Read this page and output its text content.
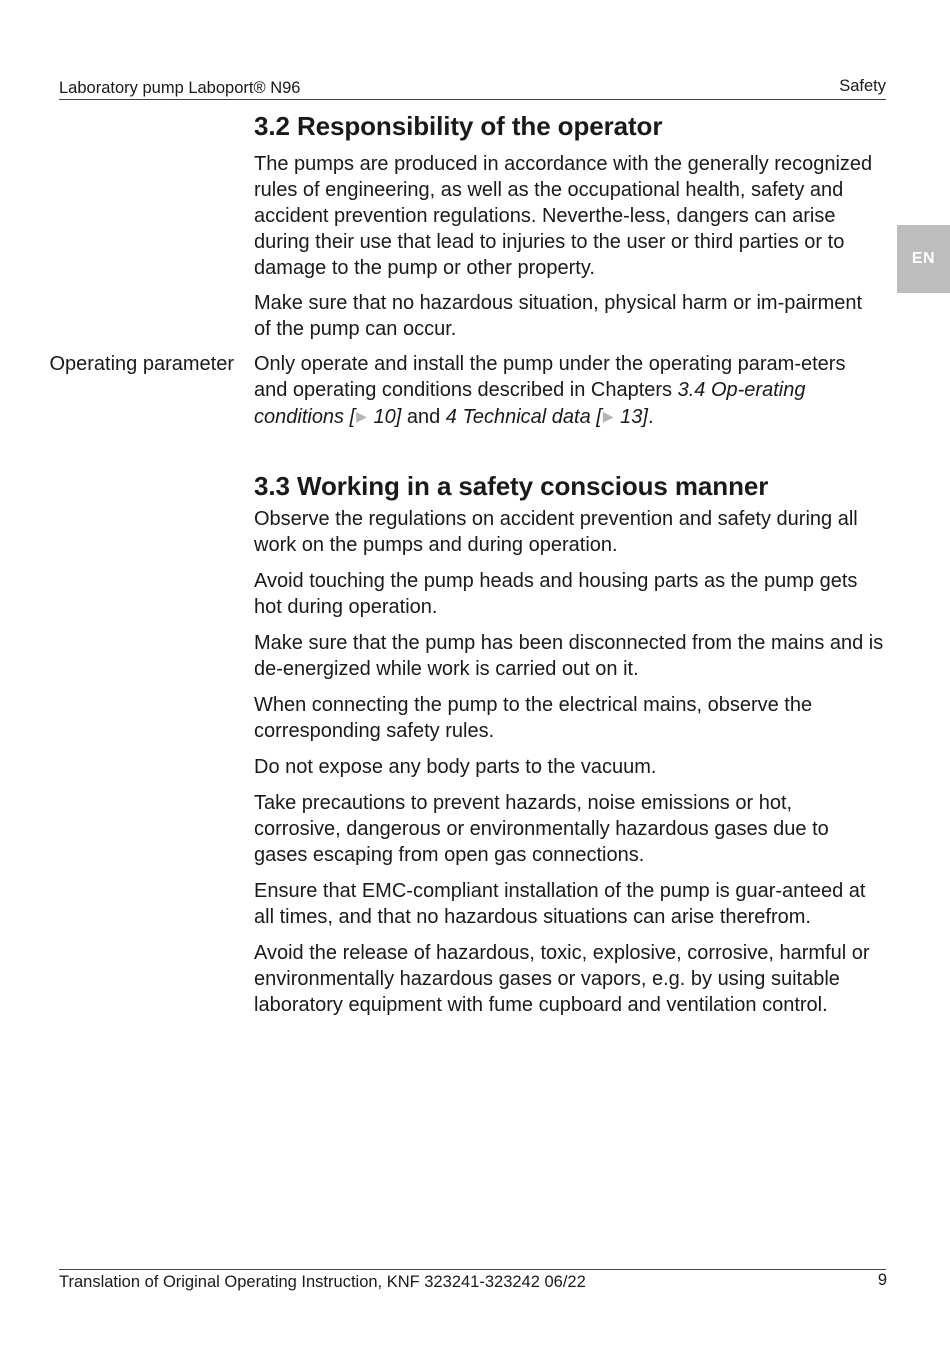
Laboratory pump Laboport® N96	Safety
EN
3.2 Responsibility of the operator

The pumps are produced in accordance with the generally recognized rules of engineering, as well as the occupational health, safety and accident prevention regulations. Neverthe-less, dangers can arise during their use that lead to injuries to the user or third parties or to damage to the pump or other property.

Make sure that no hazardous situation, physical harm or im-pairment of the pump can occur.

Operating parameter Only operate and install the pump under the operating param-eters and operating conditions described in Chapters 3.4 Op-erating conditions [▶ 10] and 4 Technical data [▶ 13].

3.3 Working in a safety conscious manner

Observe the regulations on accident prevention and safety during all work on the pumps and during operation.

Avoid touching the pump heads and housing parts as the pump gets hot during operation.

Make sure that the pump has been disconnected from the mains and is de-energized while work is carried out on it.

When connecting the pump to the electrical mains, observe the corresponding safety rules.

Do not expose any body parts to the vacuum.

Take precautions to prevent hazards, noise emissions or hot, corrosive, dangerous or environmentally hazardous gases due to gases escaping from open gas connections.

Ensure that EMC-compliant installation of the pump is guar-anteed at all times, and that no hazardous situations can arise therefrom.

Avoid the release of hazardous, toxic, explosive, corrosive, harmful or environmentally hazardous gases or vapors, e.g. by using suitable laboratory equipment with fume cupboard and ventilation control.

Translation of Original Operating Instruction, KNF 323241-323242 06/22	9
